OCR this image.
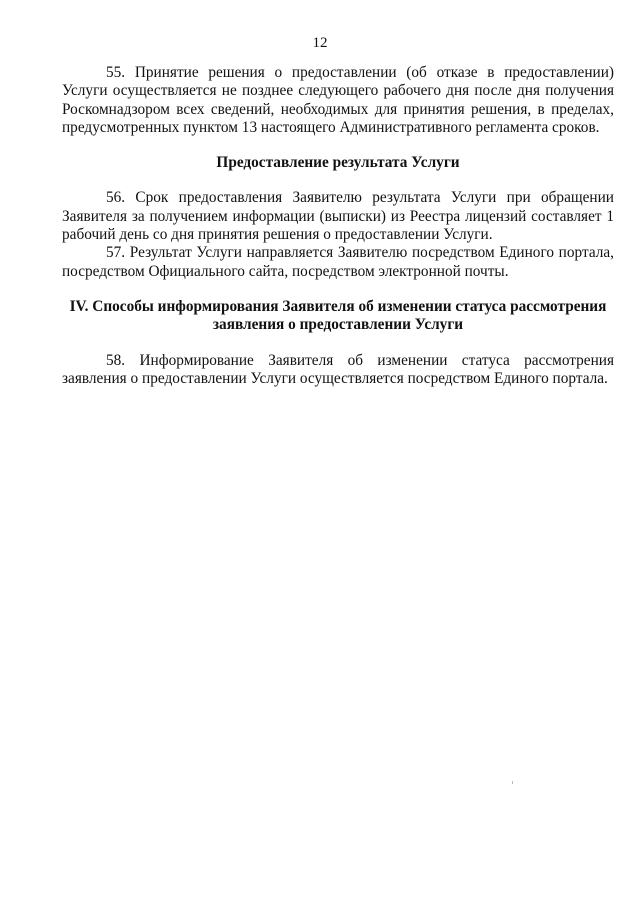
12

55. Принятие решения о предоставлении (об отказе в предоставлении) Услуги осуществляется не позднее следующего рабочего дня после дня получения Роскомнадзором всех сведений, необходимых для принятия решения, в пределах, предусмотренных пунктом 13 настоящего Административного регламента сроков.

Предоставление результата Услуги

56. Срок предоставления Заявителю результата Услуги при обращении Заявителя за получением информации (выписки) из Реестра лицензий составляет 1 рабочий день со дня принятия решения о предоставлении Услуги.

57. Результат Услуги направляется Заявителю посредством Единого портала, посредством Официального сайта, посредством электронной почты.

IV. Способы информирования Заявителя об изменении статуса рассмотрения
заявления о предоставлении Услуги

58. Информирование Заявителя об изменении статуса рассмотрения заявления о предоставлении Услуги осуществляется посредством Единого портала.
